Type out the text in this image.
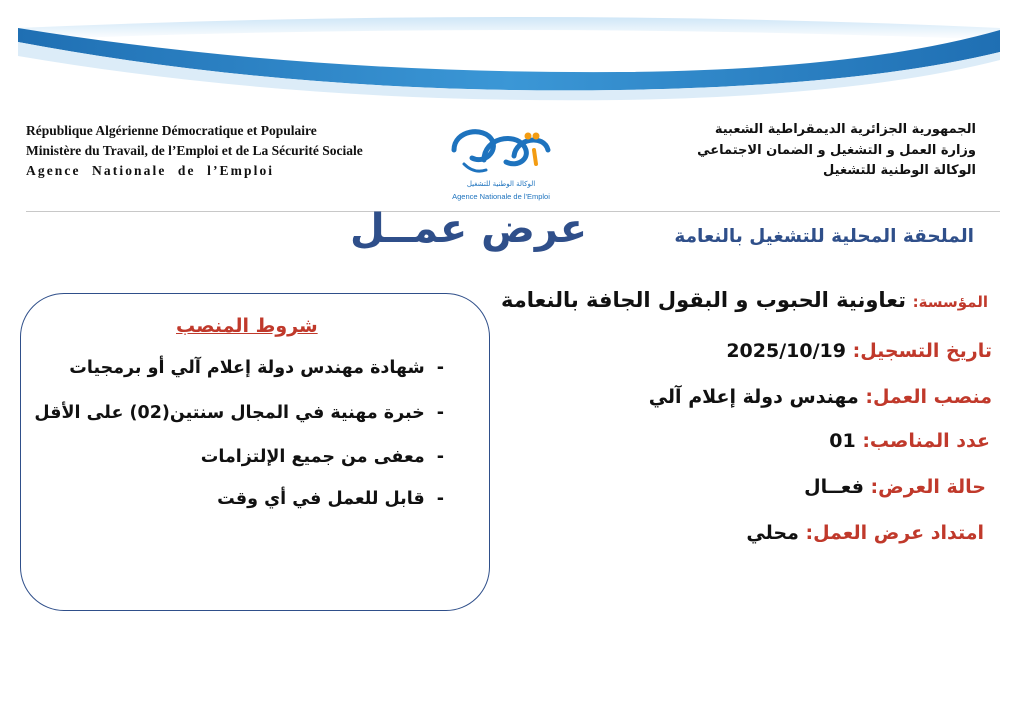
République Algérienne Démocratique et Populaire
Ministère du Travail, de l’Emploi et de La Sécurité Sociale
Agence Nationale de l’Emploi
الوكالة الوطنية للتشغيل
Agence Nationale de l'Emploi
الجمهورية الجزائرية الديمقراطية الشعبية
وزارة العمل و التشغيل و الضمان الاجتماعي
الوكالة الوطنية للتشغيل
عرض عمــل	الملحقة المحلية للتشغيل بالنعامة
المؤسسة: تعاونية الحبوب و البقول الجافة بالنعامة
تاريخ التسجيل: 2025/10/19
منصب العمل: مهندس دولة إعلام آلي
عدد المناصب: 01
حالة العرض: فعــال
امتداد عرض العمل: محلي
شروط المنصب
-شهادة مهندس دولة إعلام آلي أو برمجيات
-خبرة مهنية في المجال سنتين(02) على الأقل
-معفى من جميع الإلتزامات
-قابل للعمل في أي وقت
